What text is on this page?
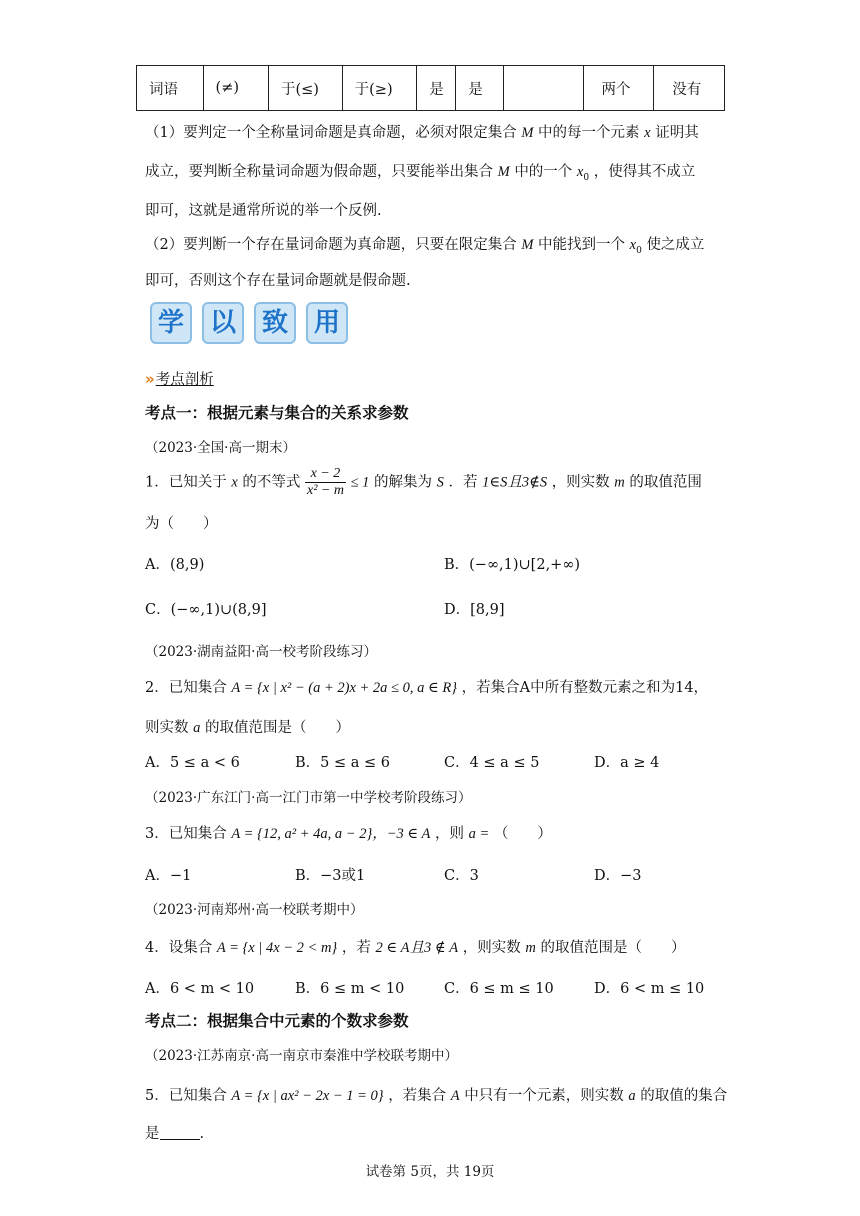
词语	(≠)	于(≤)	于(≥)	是	是		两个	没有
（1）要判定一个全称量词命题是真命题，必须对限定集合 M 中的每一个元素 x 证明其
成立，要判断全称量词命题为假命题，只要能举出集合 M 中的一个 $x_0$ ，使得其不成立
即可，这就是通常所说的举一个反例.
（2）要判断一个存在量词命题为真命题，只要在限定集合 M 中能找到一个 $x_0$ 使之成立
即可，否则这个存在量词命题就是假命题.
学 以 致 用
» 考点剖析
考点一：根据元素与集合的关系求参数
（2023·全国·高一期末）
1．已知关于 x 的不等式 $\frac{x - 2}{\text{x² − m}} \le 1$ 的解集为 S ．若 1∈S且3∉S ，则实数 m 的取值范围
为（　　）
A．(8,9)	B．(−∞,1)∪[2,+∞)
C．(−∞,1)∪(8,9]	D．[8,9]
（2023·湖南益阳·高一校考阶段练习）
2．已知集合 A = {x | x² − (a + 2)x + 2a ≤ 0, a ∈ R} ，若集合A中所有整数元素之和为14，
则实数 a 的取值范围是（　　）
A．5 ≤ a < 6	B．5 ≤ a ≤ 6	C．4 ≤ a ≤ 5	D．a ≥ 4
（2023·广东江门·高一江门市第一中学校考阶段练习）
3．已知集合 A = {12, a² + 4a, a − 2}，−3 ∈ A ，则 a = （　　）
A．−1	B．−3或1	C．3	D．−3
（2023·河南郑州·高一校联考期中）
4．设集合 A = {x | 4x − 2 < m} ，若 2 ∈ A且3 ∉ A ，则实数 m 的取值范围是（　　）
A．6 < m < 10	B．6 ≤ m < 10	C．6 ≤ m ≤ 10	D．6 < m ≤ 10
考点二：根据集合中元素的个数求参数
（2023·江苏南京·高一南京市秦淮中学校联考期中）
5．已知集合 A = {x | ax² − 2x − 1 = 0} ，若集合 A 中只有一个元素，则实数 a 的取值的集合
是	.
试卷第 5页，共 19页
